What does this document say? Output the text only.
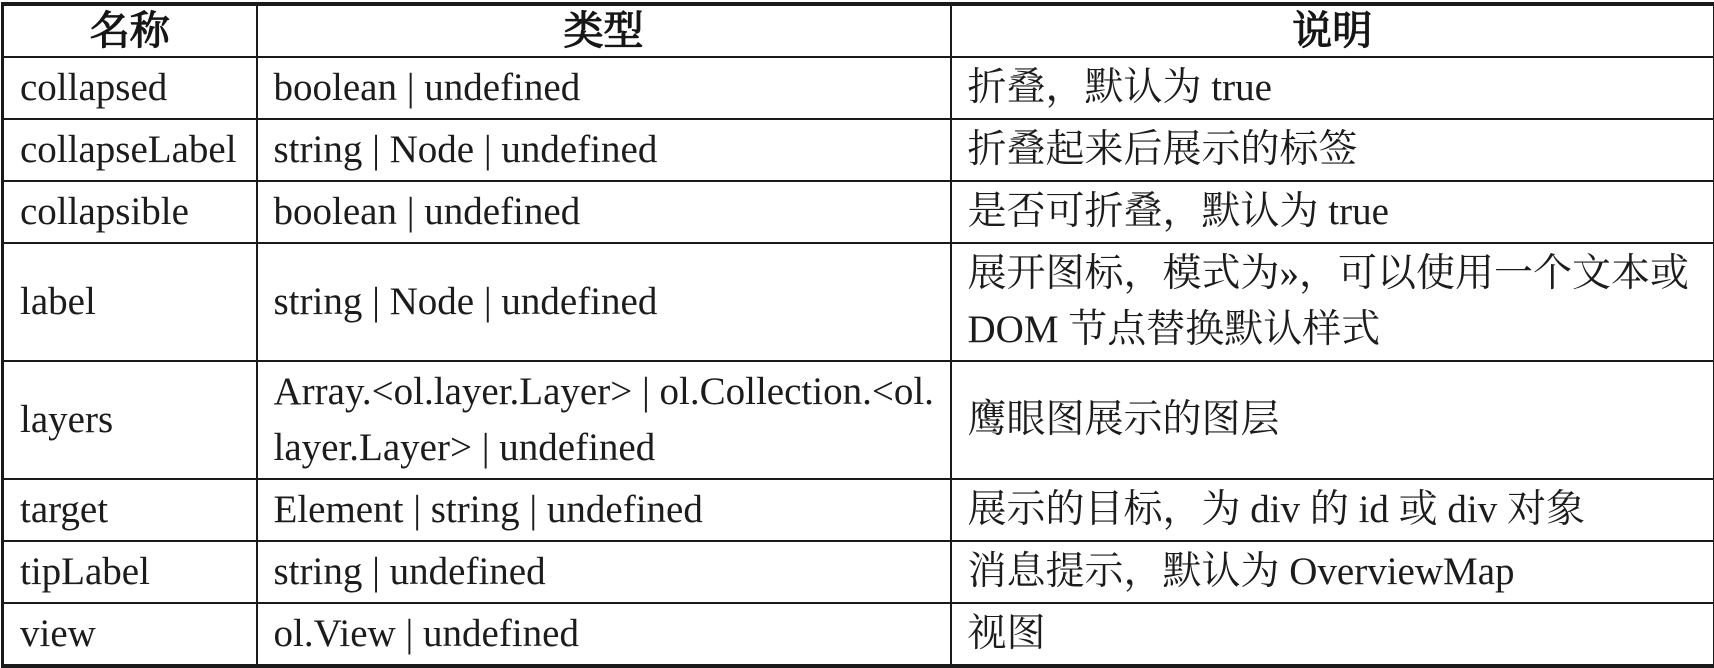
名称	类型	说明
collapsed	boolean | undefined	折叠，默认为 true
collapseLabel	string | Node | undefined	折叠起来后展示的标签
collapsible	boolean | undefined	是否可折叠，默认为 true
label	string | Node | undefined	展开图标，模式为»，可以使用一个文本或 DOM 节点替换默认样式
layers	Array.<ol.layer.Layer> | ol.Collection.<ol.layer.Layer> | undefined	鹰眼图展示的图层
target	Element | string | undefined	展示的目标，为 div 的 id 或 div 对象
tipLabel	string | undefined	消息提示，默认为 OverviewMap
view	ol.View | undefined	视图
